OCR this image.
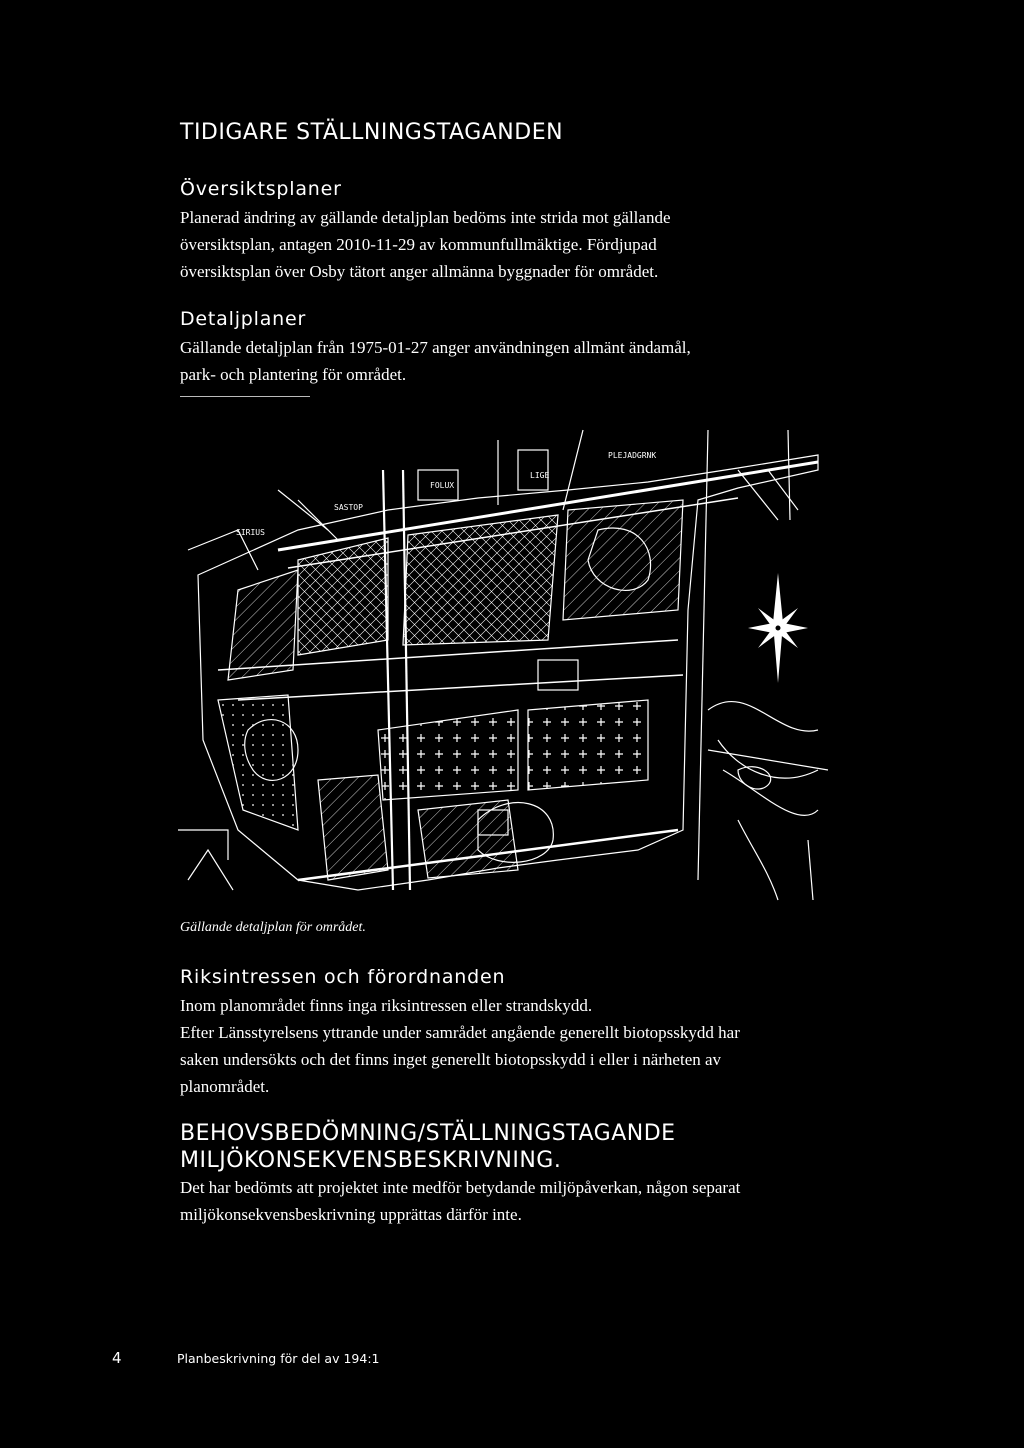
TIDIGARE STÄLLNINGSTAGANDEN
Översiktsplaner
Planerad ändring av gällande detaljplan bedöms inte strida mot gällande
översiktsplan, antagen 2010-11-29 av kommunfullmäktige. Fördjupad
översiktsplan över Osby tätort anger allmänna byggnader för området.
Detaljplaner
Gällande detaljplan från 1975-01-27 anger användningen allmänt ändamål,
park- och plantering för området.
PLEJADGRNK
FOLUX
SASTOP
SIRIUS
LIGE
Gällande detaljplan för området.
Riksintressen och förordnanden
Inom planområdet finns inga riksintressen eller strandskydd.
Efter Länsstyrelsens yttrande under samrådet angående generellt biotopsskydd har
saken undersökts och det finns inget generellt biotopsskydd i eller i närheten av
planområdet.
BEHOVSBEDÖMNING/STÄLLNINGSTAGANDE
MILJÖKONSEKVENSBESKRIVNING.
Det har bedömts att projektet inte medför betydande miljöpåverkan, någon separat
miljökonsekvensbeskrivning upprättas därför inte.
4	Planbeskrivning för del av 194:1
